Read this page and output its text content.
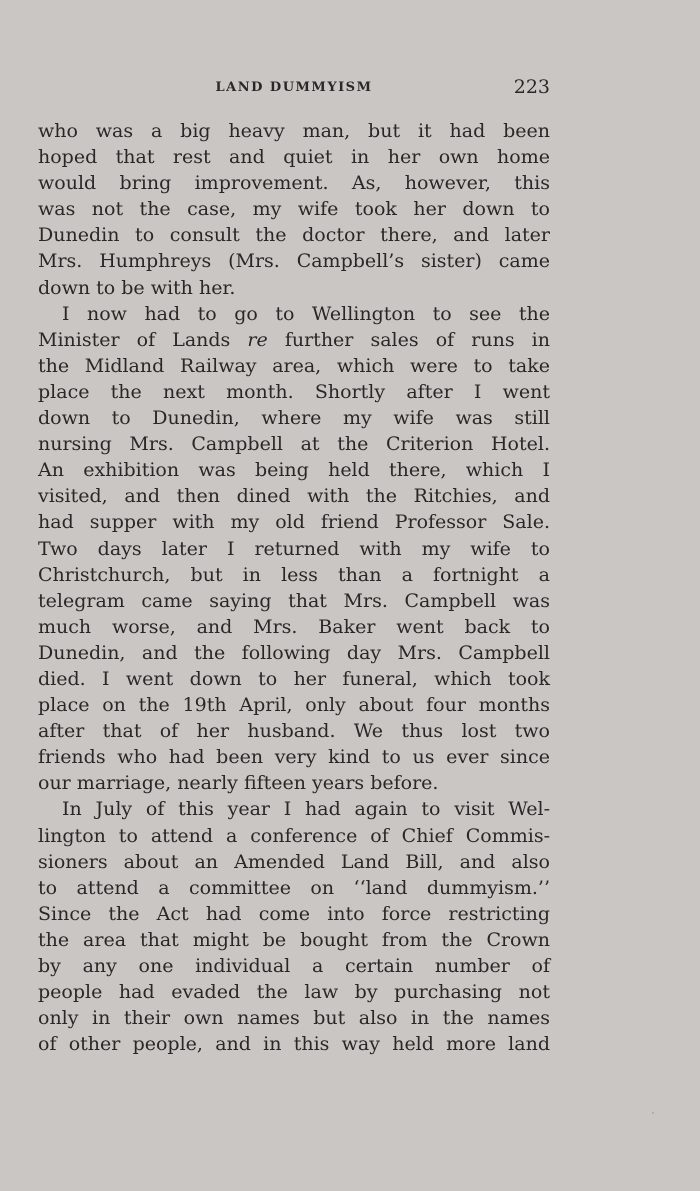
LAND DUMMYISM	223
who was a big heavy man, but it had been
hoped that rest and quiet in her own home
would bring improvement. As, however, this
was not the case, my wife took her down to
Dunedin to consult the doctor there, and later
Mrs. Humphreys (Mrs. Campbell’s sister) came
down to be with her.
I now had to go to Wellington to see the
Minister of Lands re further sales of runs in
the Midland Railway area, which were to take
place the next month. Shortly after I went
down to Dunedin, where my wife was still
nursing Mrs. Campbell at the Criterion Hotel.
An exhibition was being held there, which I
visited, and then dined with the Ritchies, and
had supper with my old friend Professor Sale.
Two days later I returned with my wife to
Christchurch, but in less than a fortnight a
telegram came saying that Mrs. Campbell was
much worse, and Mrs. Baker went back to
Dunedin, and the following day Mrs. Campbell
died. I went down to her funeral, which took
place on the 19th April, only about four months
after that of her husband. We thus lost two
friends who had been very kind to us ever since
our marriage, nearly fifteen years before.
In July of this year I had again to visit Wel-
lington to attend a conference of Chief Commis-
sioners about an Amended Land Bill, and also
to attend a committee on ‘‘land dummyism.’’
Since the Act had come into force restricting
the area that might be bought from the Crown
by any one individual a certain number of
people had evaded the law by purchasing not
only in their own names but also in the names
of other people, and in this way held more land
